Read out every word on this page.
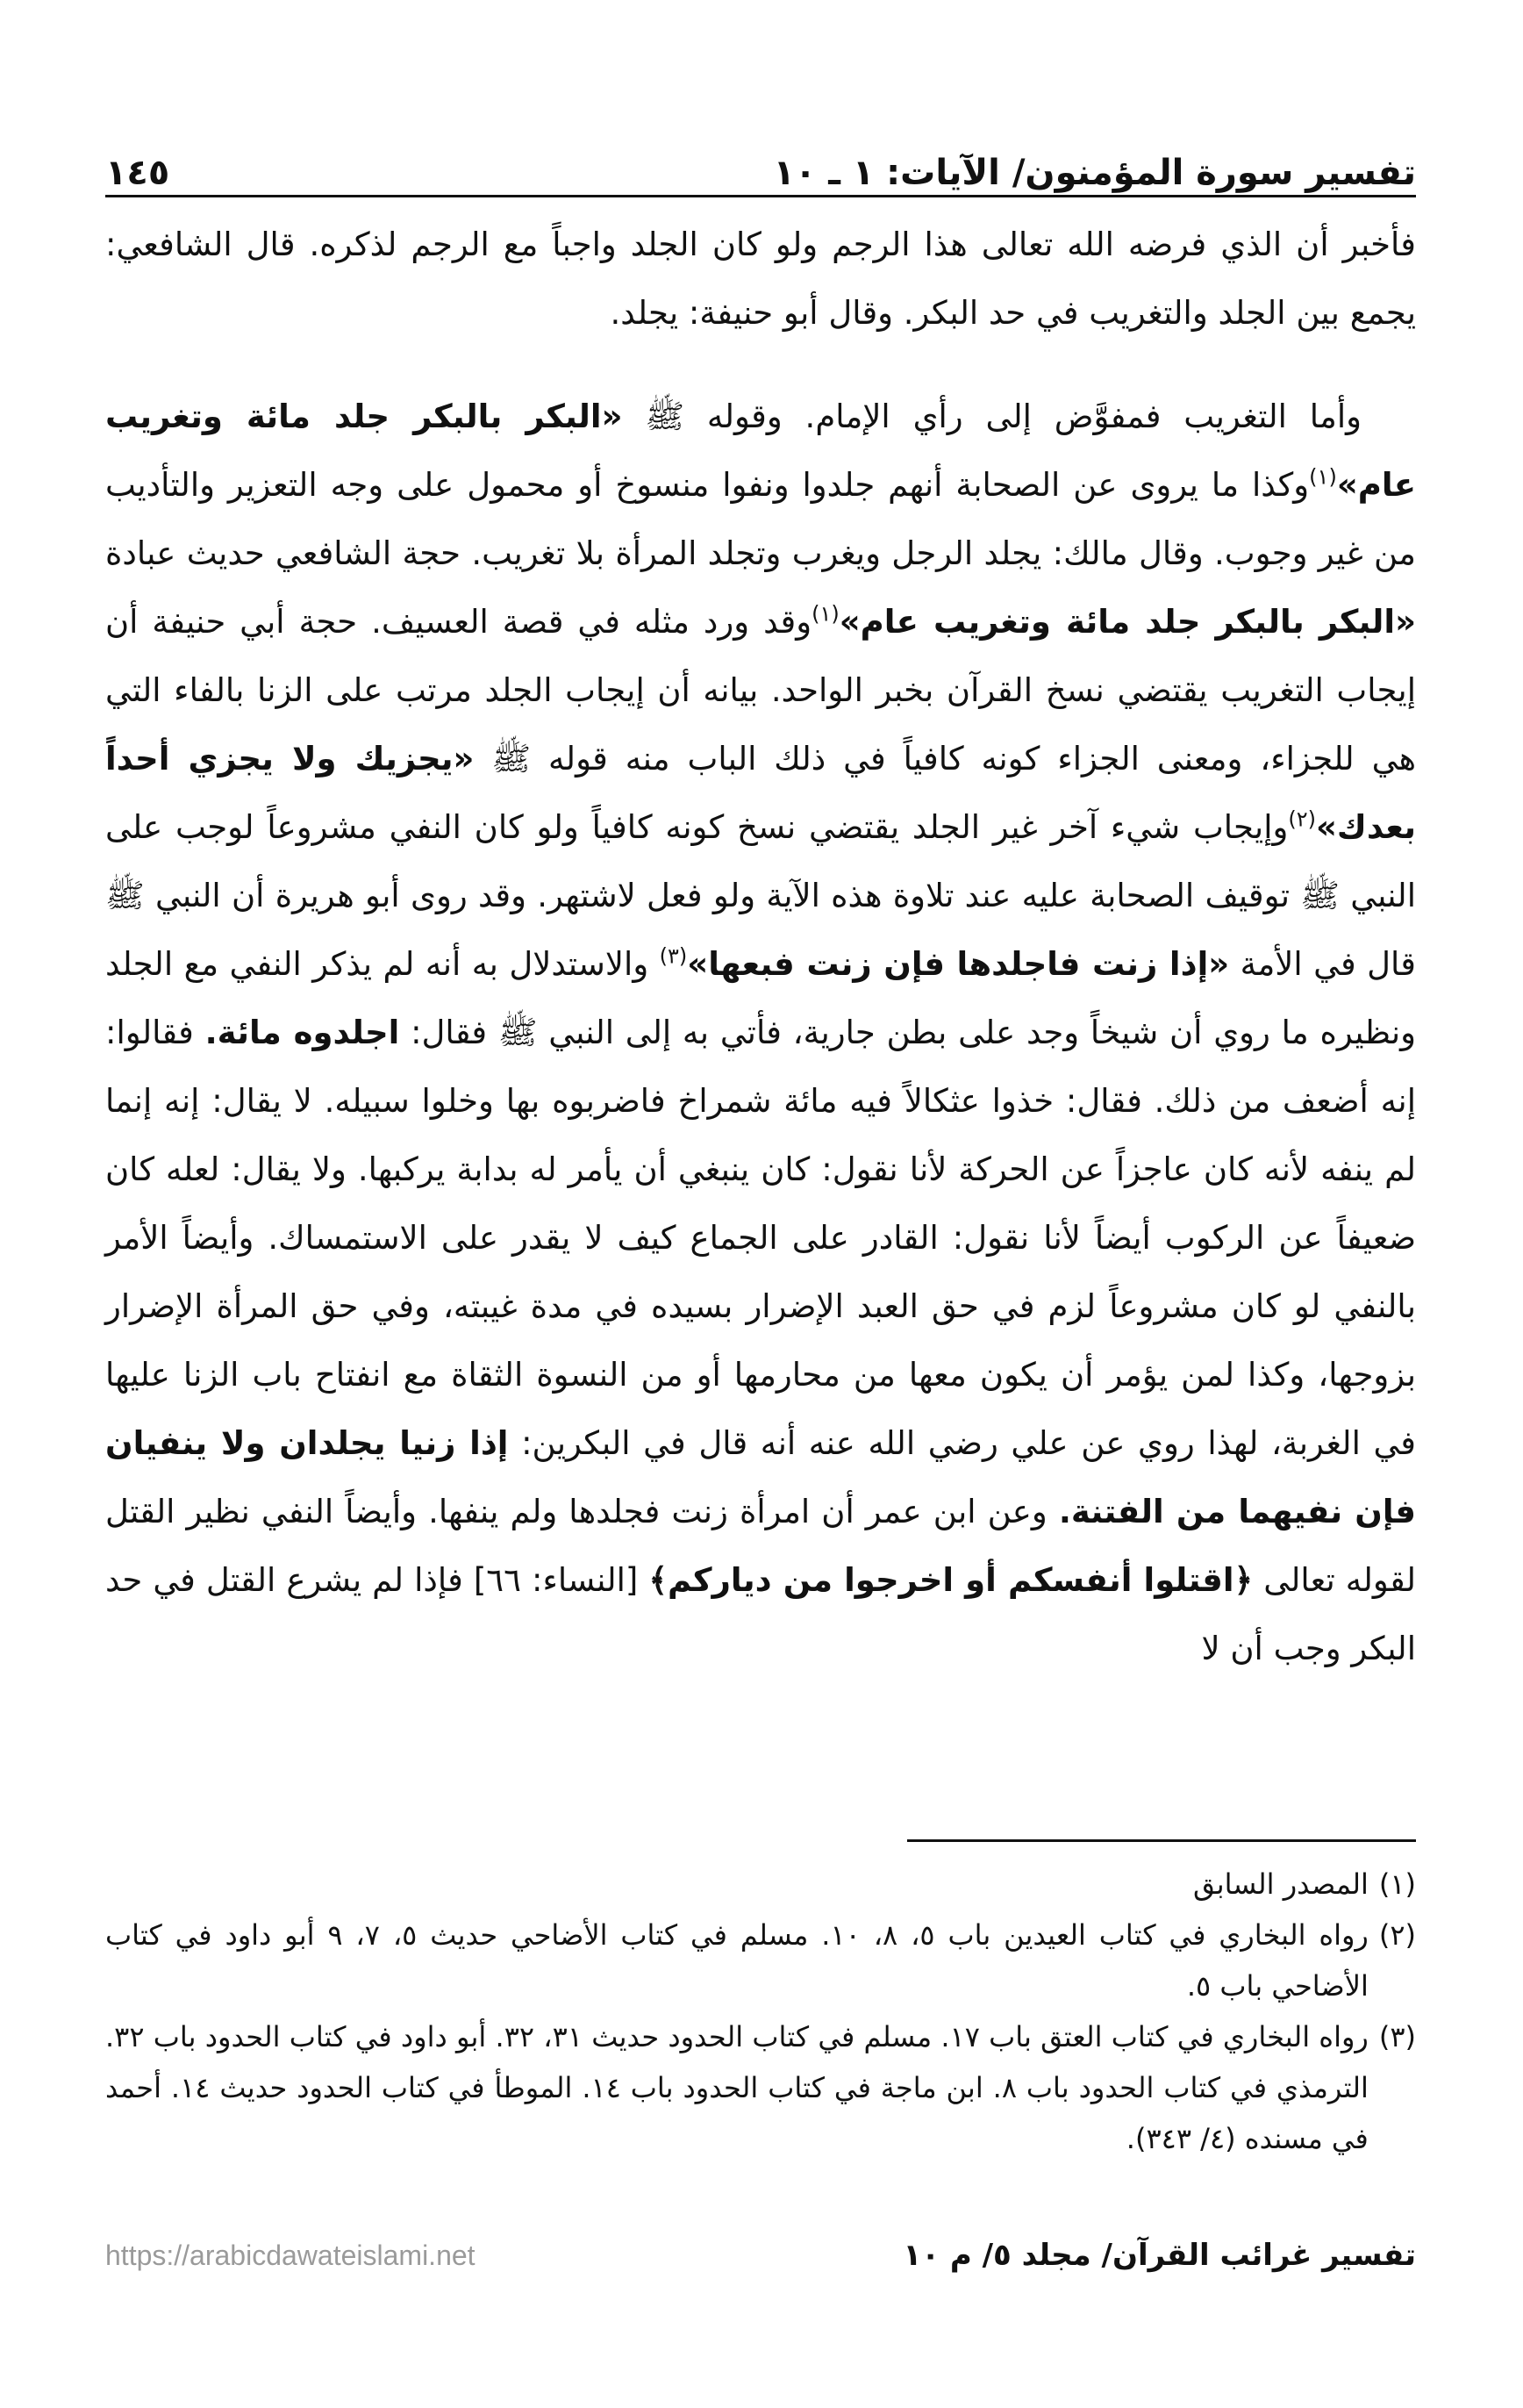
تفسير سورة المؤمنون/ الآيات: ١ ـ ١٠
١٤٥

فأخبر أن الذي فرضه الله تعالى هذا الرجم ولو كان الجلد واجباً مع الرجم لذكره. قال الشافعي: يجمع بين الجلد والتغريب في حد البكر. وقال أبو حنيفة: يجلد.

وأما التغريب فمفوَّض إلى رأي الإمام. وقوله ﷺ «البكر بالبكر جلد مائة وتغريب عام»$^{(١)}$وكذا ما يروى عن الصحابة أنهم جلدوا ونفوا منسوخ أو محمول على وجه التعزير والتأديب من غير وجوب. وقال مالك: يجلد الرجل ويغرب وتجلد المرأة بلا تغريب. حجة الشافعي حديث عبادة «البكر بالبكر جلد مائة وتغريب عام»$^{(١)}$وقد ورد مثله في قصة العسيف. حجة أبي حنيفة أن إيجاب التغريب يقتضي نسخ القرآن بخبر الواحد. بيانه أن إيجاب الجلد مرتب على الزنا بالفاء التي هي للجزاء، ومعنى الجزاء كونه كافياً في ذلك الباب منه قوله ﷺ «يجزيك ولا يجزي أحداً بعدك»$^{(٢)}$وإيجاب شيء آخر غير الجلد يقتضي نسخ كونه كافياً ولو كان النفي مشروعاً لوجب على النبي ﷺ توقيف الصحابة عليه عند تلاوة هذه الآية ولو فعل لاشتهر. وقد روى أبو هريرة أن النبي ﷺ قال في الأمة «إذا زنت فاجلدها فإن زنت فبعها»$^{(٣)}$ والاستدلال به أنه لم يذكر النفي مع الجلد ونظيره ما روي أن شيخاً وجد على بطن جارية، فأتي به إلى النبي ﷺ فقال: اجلدوه مائة. فقالوا: إنه أضعف من ذلك. فقال: خذوا عثكالاً فيه مائة شمراخ فاضربوه بها وخلوا سبيله. لا يقال: إنه إنما لم ينفه لأنه كان عاجزاً عن الحركة لأنا نقول: كان ينبغي أن يأمر له بدابة يركبها. ولا يقال: لعله كان ضعيفاً عن الركوب أيضاً لأنا نقول: القادر على الجماع كيف لا يقدر على الاستمساك. وأيضاً الأمر بالنفي لو كان مشروعاً لزم في حق العبد الإضرار بسيده في مدة غيبته، وفي حق المرأة الإضرار بزوجها، وكذا لمن يؤمر أن يكون معها من محارمها أو من النسوة الثقاة مع انفتاح باب الزنا عليها في الغربة، لهذا روي عن علي رضي الله عنه أنه قال في البكرين: إذا زنيا يجلدان ولا ينفيان فإن نفيهما من الفتنة. وعن ابن عمر أن امرأة زنت فجلدها ولم ينفها. وأيضاً النفي نظير القتل لقوله تعالى ﴿اقتلوا أنفسكم أو اخرجوا من دياركم﴾ [النساء: ٦٦] فإذا لم يشرع القتل في حد البكر وجب أن لا

(١)
المصدر السابق
(٢)
رواه البخاري في كتاب العيدين باب ٥، ٨، ١٠. مسلم في كتاب الأضاحي حديث ٥، ٧، ٩ أبو داود في كتاب الأضاحي باب ٥.
(٣)
رواه البخاري في كتاب العتق باب ١٧. مسلم في كتاب الحدود حديث ٣١، ٣٢. أبو داود في كتاب الحدود باب ٣٢. الترمذي في كتاب الحدود باب ٨. ابن ماجة في كتاب الحدود باب ١٤. الموطأ في كتاب الحدود حديث ١٤. أحمد في مسنده (٤/ ٣٤٣).
تفسير غرائب القرآن/ مجلد ٥/ م ١٠
https://arabicdawateislami.net
